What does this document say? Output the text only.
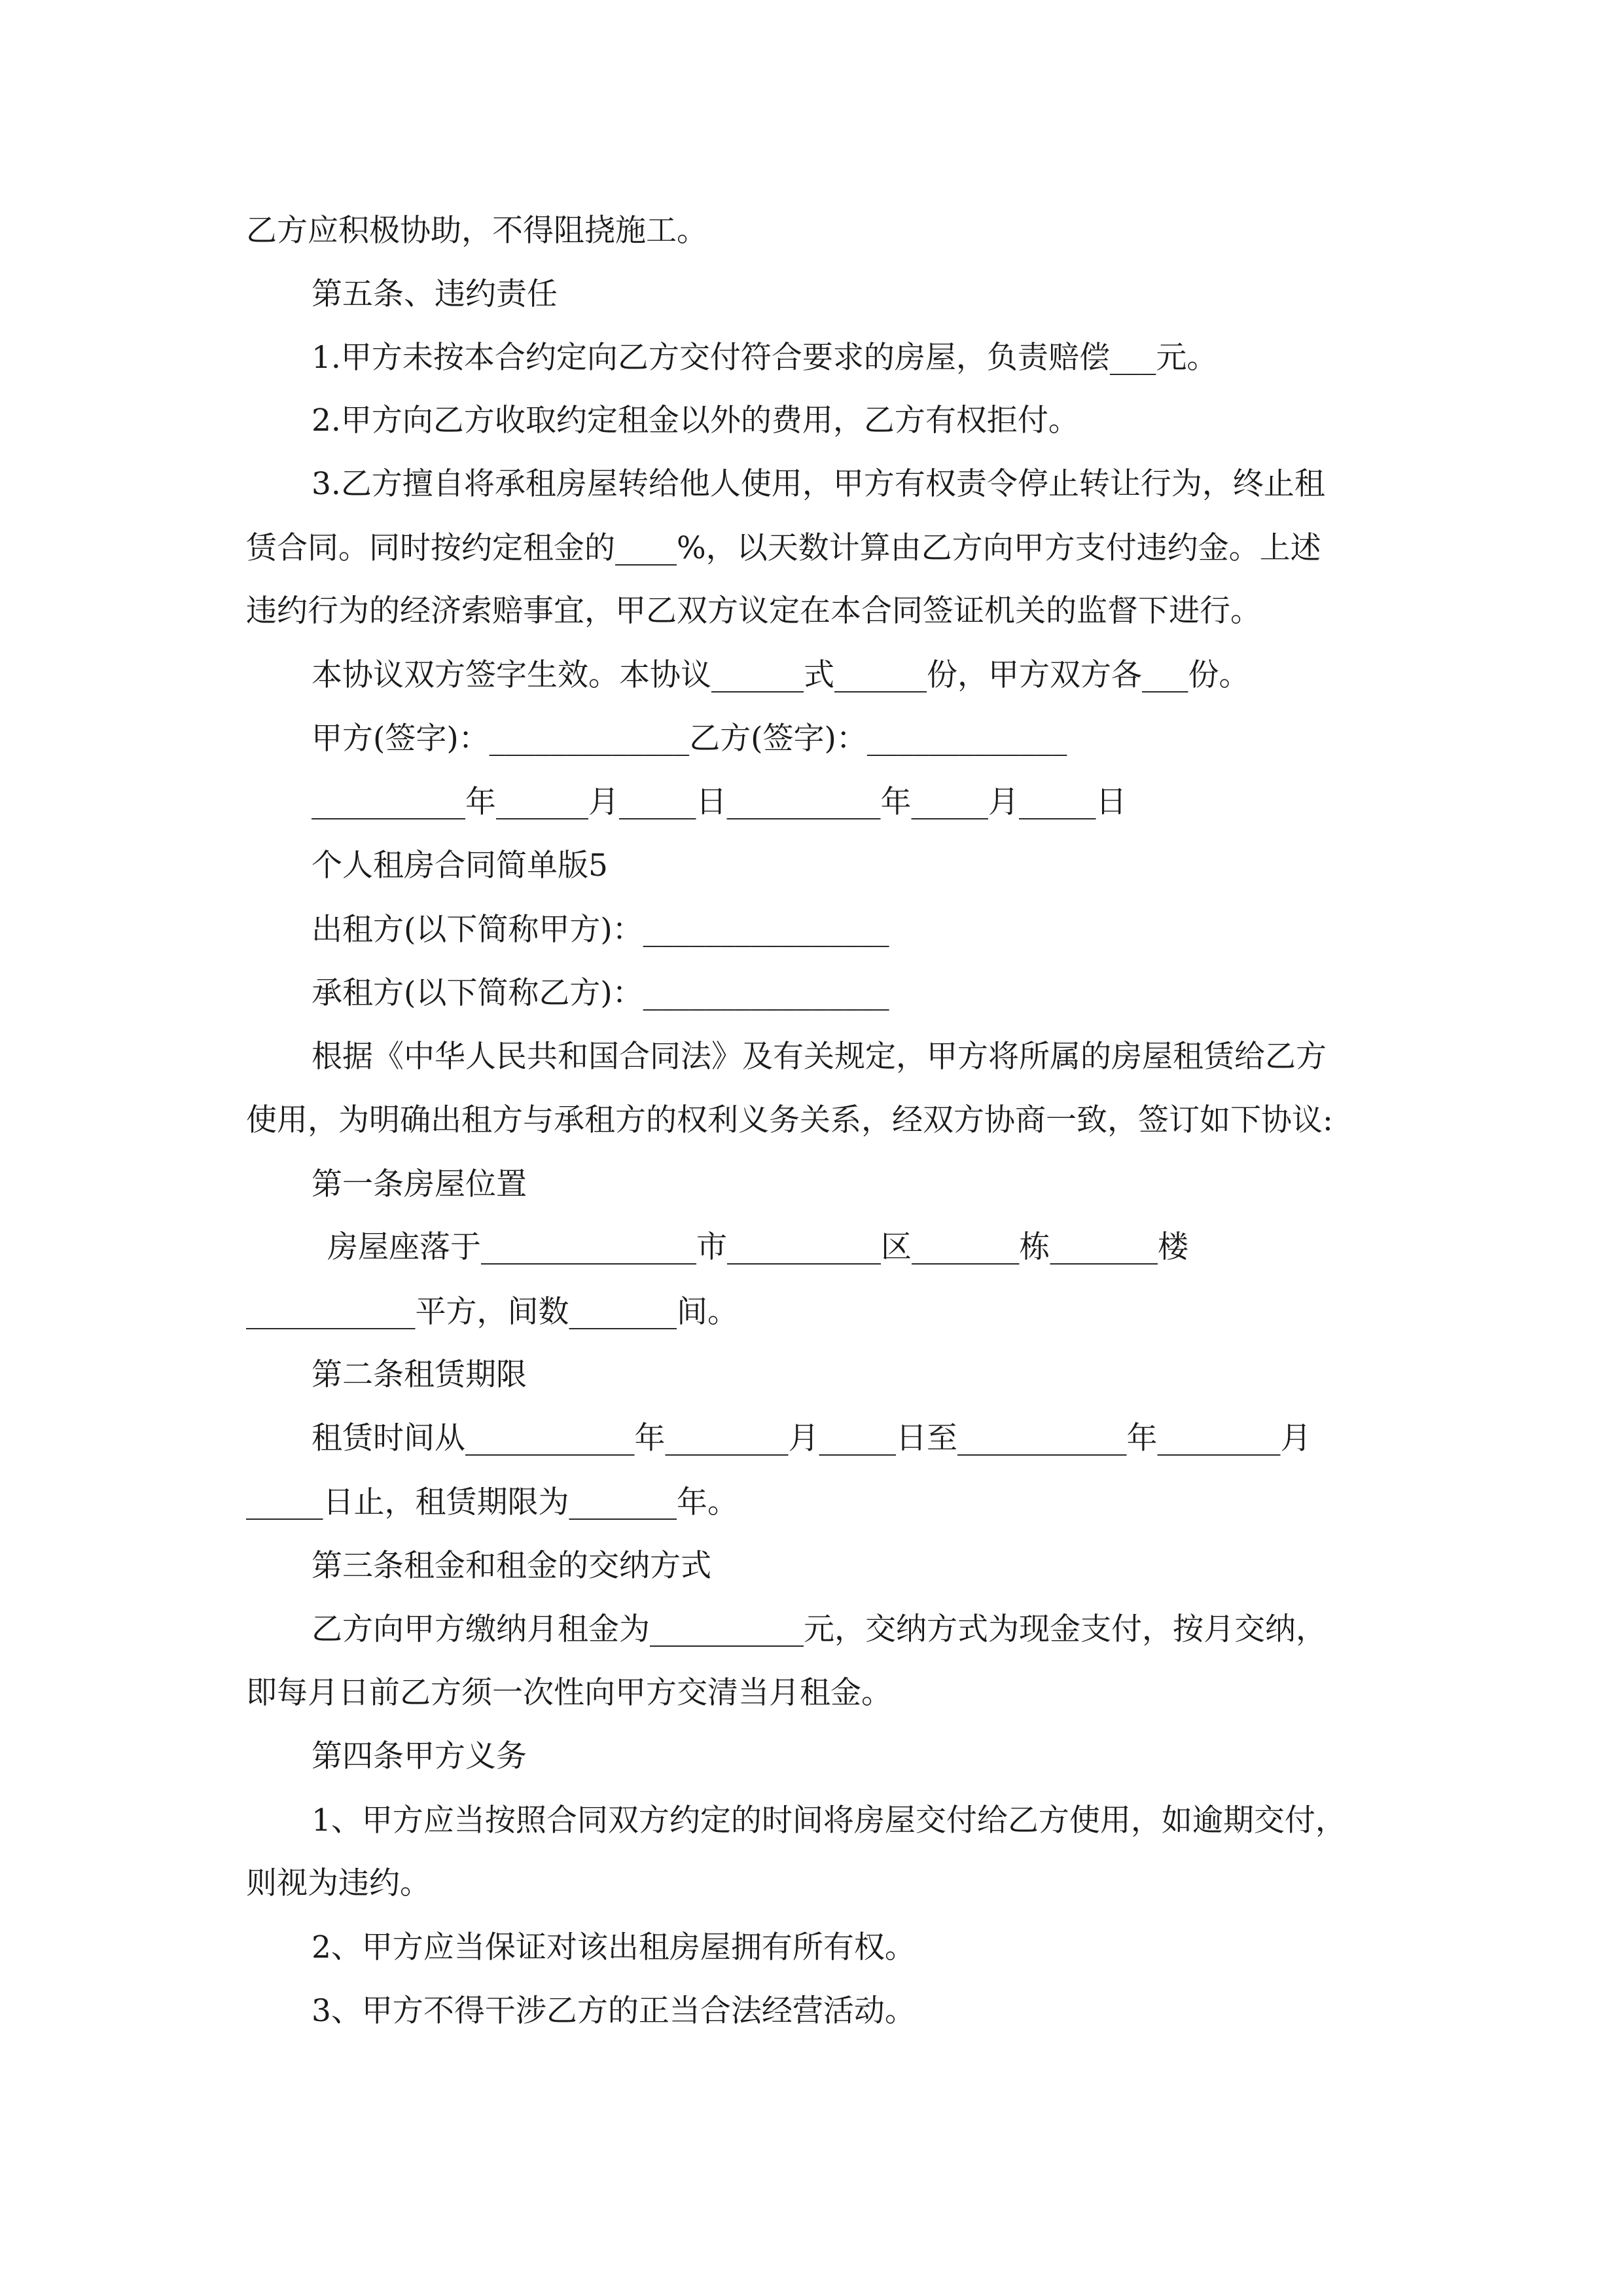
乙方应积极协助，不得阻挠施工。
第五条、违约责任
1.甲方未按本合约定向乙方交付符合要求的房屋，负责赔偿___元。
2.甲方向乙方收取约定租金以外的费用，乙方有权拒付。
3.乙方擅自将承租房屋转给他人使用，甲方有权责令停止转让行为，终止租
赁合同。同时按约定租金的____%，以天数计算由乙方向甲方支付违约金。上述
违约行为的经济索赔事宜，甲乙双方议定在本合同签证机关的监督下进行。
本协议双方签字生效。本协议______式______份，甲方双方各___份。
甲方(签字)：_____________乙方(签字)：_____________
__________年______月_____日__________年_____月_____日
个人租房合同简单版5
出租方(以下简称甲方)：________________
承租方(以下简称乙方)：________________
根据《中华人民共和国合同法》及有关规定，甲方将所属的房屋租赁给乙方
使用，为明确出租方与承租方的权利义务关系，经双方协商一致，签订如下协议:
第一条房屋位置
房屋座落于______________市__________区_______栋_______楼
___________平方，间数_______间。
第二条租赁期限
租赁时间从___________年________月_____日至___________年________月
_____日止，租赁期限为_______年。
第三条租金和租金的交纳方式
乙方向甲方缴纳月租金为__________元，交纳方式为现金支付，按月交纳，
即每月日前乙方须一次性向甲方交清当月租金。
第四条甲方义务
1、甲方应当按照合同双方约定的时间将房屋交付给乙方使用，如逾期交付，
则视为违约。
2、甲方应当保证对该出租房屋拥有所有权。
3、甲方不得干涉乙方的正当合法经营活动。
